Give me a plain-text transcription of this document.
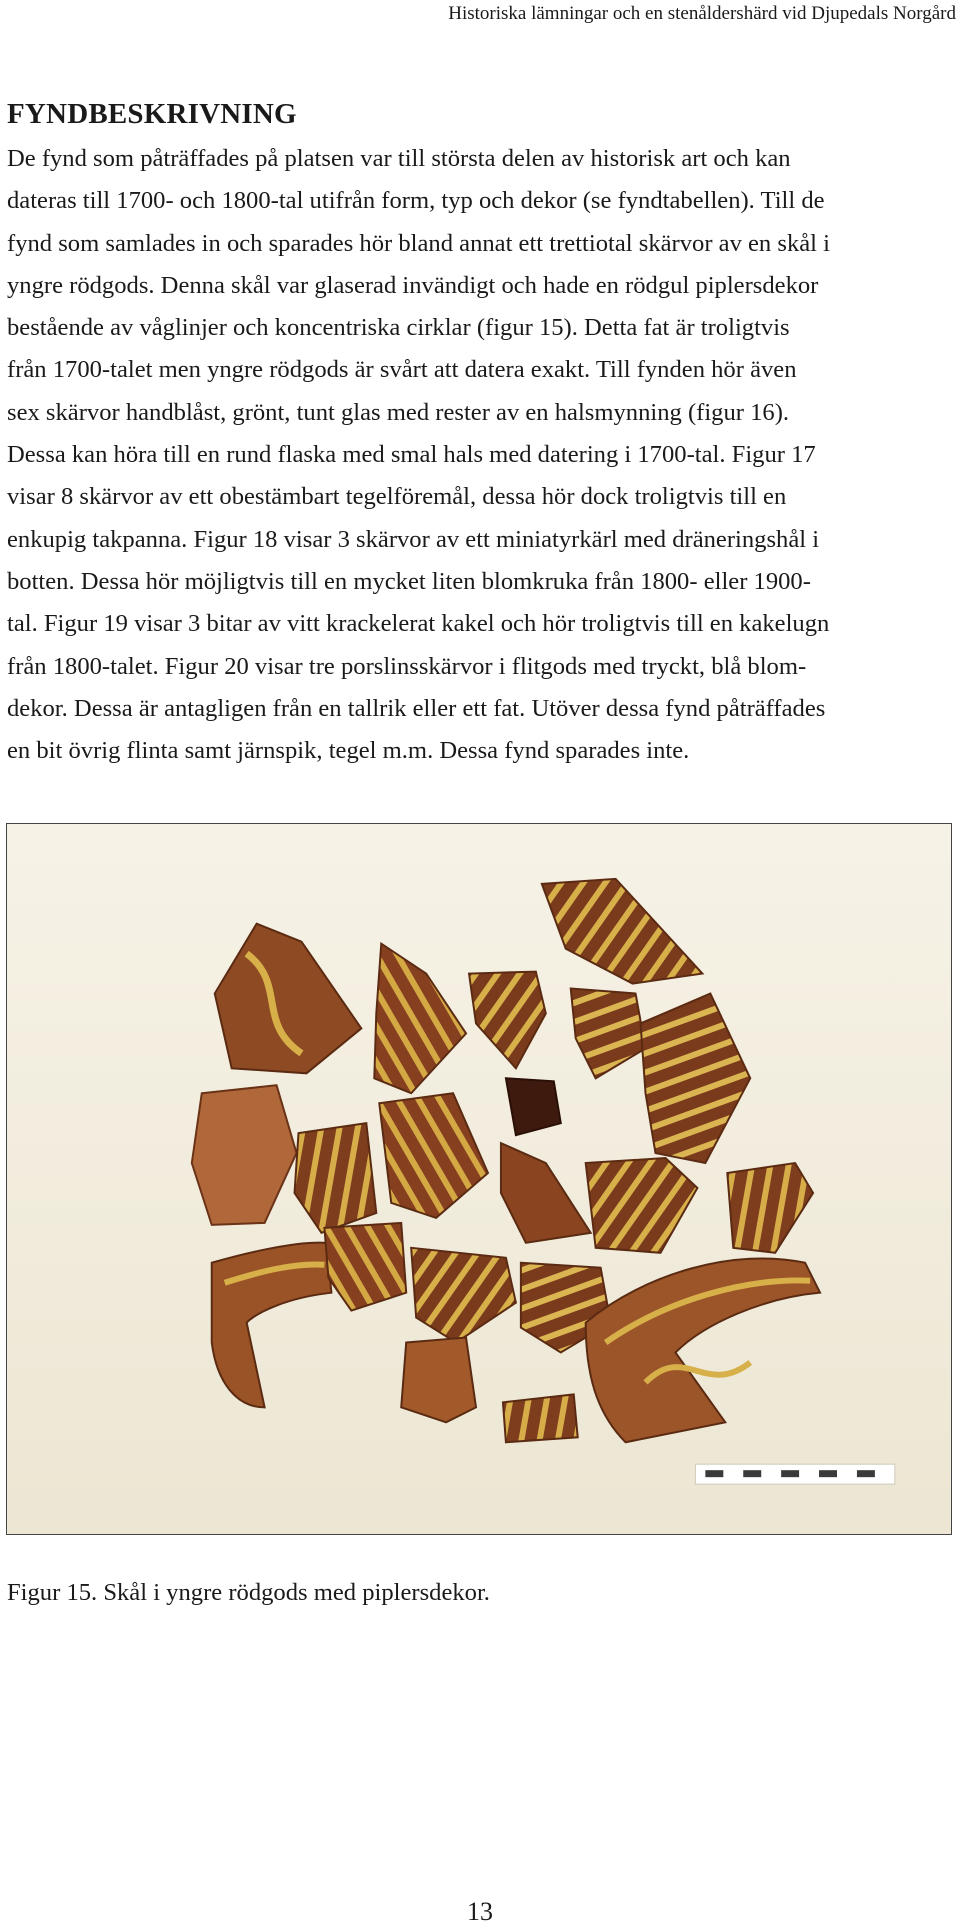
Historiska lämningar och en stenåldershärd vid Djupedals Norgård
FYNDBESKRIVNING

De fynd som påträffades på platsen var till största delen av historisk art och kan
dateras till 1700- och 1800-tal utifrån form, typ och dekor (se fyndtabellen). Till de
fynd som samlades in och sparades hör bland annat ett trettiotal skärvor av en skål i
yngre rödgods. Denna skål var glaserad invändigt och hade en rödgul piplersdekor
bestående av våglinjer och koncentriska cirklar (figur 15). Detta fat är troligtvis
från 1700-talet men yngre rödgods är svårt att datera exakt. Till fynden hör även
sex skärvor handblåst, grönt, tunt glas med rester av en halsmynning (figur 16).
Dessa kan höra till en rund flaska med smal hals med datering i 1700-tal. Figur 17
visar 8 skärvor av ett obestämbart tegelföremål, dessa hör dock troligtvis till en
enkupig takpanna. Figur 18 visar 3 skärvor av ett miniatyrkärl med dräneringshål i
botten. Dessa hör möjligtvis till en mycket liten blomkruka från 1800- eller 1900-
tal. Figur 19 visar 3 bitar av vitt krackelerat kakel och hör troligtvis till en kakelugn
från 1800-talet. Figur 20 visar tre porslinsskärvor i flitgods med tryckt, blå blom-
dekor. Dessa är antagligen från en tallrik eller ett fat. Utöver dessa fynd påträffades
en bit övrig flinta samt järnspik, tegel m.m. Dessa fynd sparades inte.

Figur 15. Skål i yngre rödgods med piplersdekor.

13
